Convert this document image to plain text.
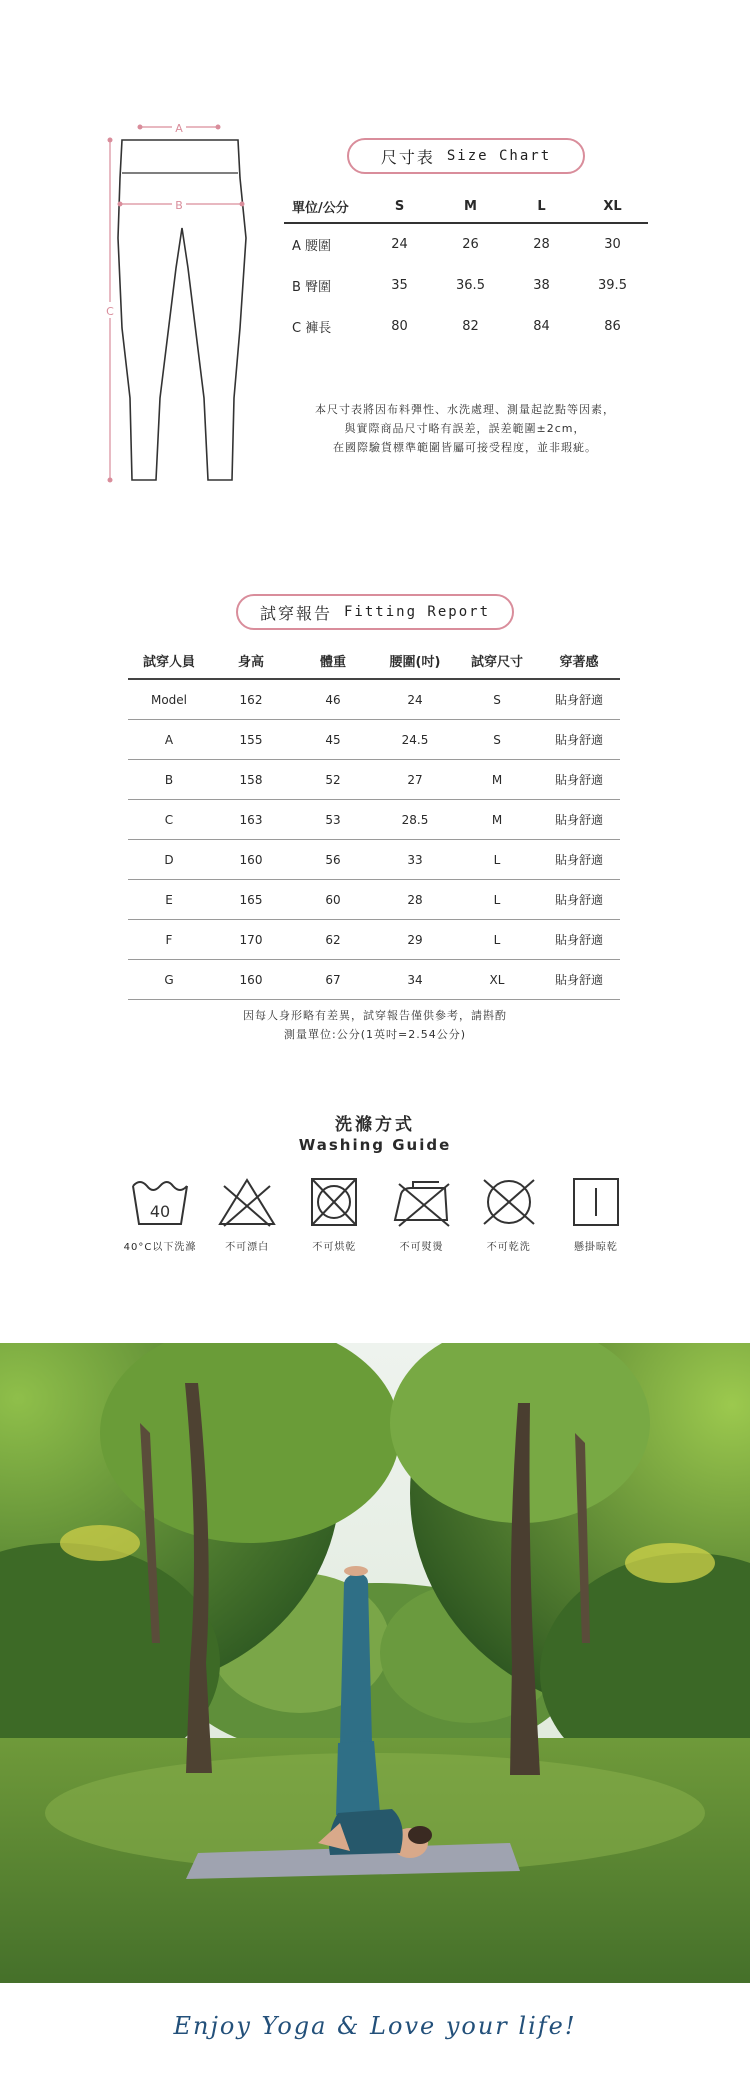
A
B
C
尺寸表 Size Chart
單位/公分	S	M	L	XL
A 腰圍	24	26	28	30
B 臀圍	35	36.5	38	39.5
C 褲長	80	82	84	86
本尺寸表將因布料彈性、水洗處理、測量起訖點等因素，
與實際商品尺寸略有誤差，誤差範圍±2cm，
在國際驗貨標準範圍皆屬可接受程度，並非瑕疵。
試穿報告 Fitting Report
試穿人員	身高	體重	腰圍(吋)	試穿尺寸	穿著感
Model	162	46	24	S	貼身舒適
A	155	45	24.5	S	貼身舒適
B	158	52	27	M	貼身舒適
C	163	53	28.5	M	貼身舒適
D	160	56	33	L	貼身舒適
E	165	60	28	L	貼身舒適
F	170	62	29	L	貼身舒適
G	160	67	34	XL	貼身舒適
因每人身形略有差異，試穿報告僅供參考，請斟酌
測量單位:公分(1英吋=2.54公分)
洗滌方式
Washing Guide
40
40°C以下洗滌	不可漂白	不可烘乾	不可熨燙	不可乾洗	懸掛晾乾
Enjoy Yoga & Love your life!
